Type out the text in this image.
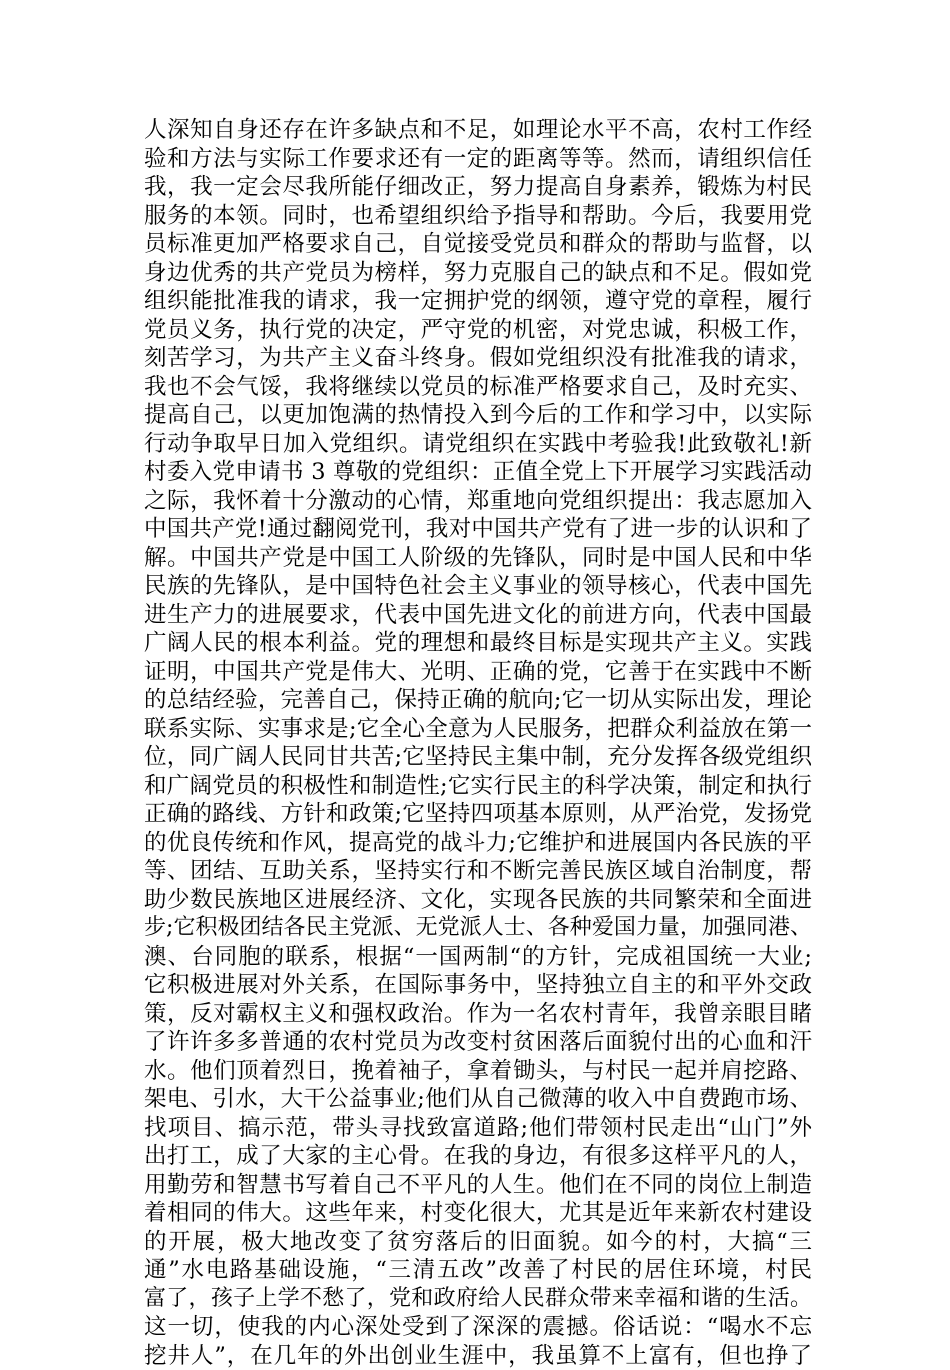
人深知自身还存在许多缺点和不足，如理论水平不高，农村工作经
验和方法与实际工作要求还有一定的距离等等。然而，请组织信任
我，我一定会尽我所能仔细改正，努力提高自身素养，锻炼为村民
服务的本领。同时，也希望组织给予指导和帮助。今后，我要用党
员标准更加严格要求自己，自觉接受党员和群众的帮助与监督，以
身边优秀的共产党员为榜样，努力克服自己的缺点和不足。假如党
组织能批准我的请求，我一定拥护党的纲领，遵守党的章程，履行
党员义务，执行党的决定，严守党的机密，对党忠诚，积极工作，
刻苦学习，为共产主义奋斗终身。假如党组织没有批准我的请求，
我也不会气馁，我将继续以党员的标准严格要求自己，及时充实、
提高自己，以更加饱满的热情投入到今后的工作和学习中，以实际
行动争取早日加入党组织。请党组织在实践中考验我!此致敬礼!新
村委入党申请书 3 尊敬的党组织：正值全党上下开展学习实践活动
之际，我怀着十分激动的心情，郑重地向党组织提出：我志愿加入
中国共产党!通过翻阅党刊，我对中国共产党有了进一步的认识和了
解。中国共产党是中国工人阶级的先锋队，同时是中国人民和中华
民族的先锋队，是中国特色社会主义事业的领导核心，代表中国先
进生产力的进展要求，代表中国先进文化的前进方向，代表中国最
广阔人民的根本利益。党的理想和最终目标是实现共产主义。实践
证明，中国共产党是伟大、光明、正确的党，它善于在实践中不断
的总结经验，完善自己，保持正确的航向;它一切从实际出发，理论
联系实际、实事求是;它全心全意为人民服务，把群众利益放在第一
位，同广阔人民同甘共苦;它坚持民主集中制，充分发挥各级党组织
和广阔党员的积极性和制造性;它实行民主的科学决策，制定和执行
正确的路线、方针和政策;它坚持四项基本原则，从严治党，发扬党
的优良传统和作风，提高党的战斗力;它维护和进展国内各民族的平
等、团结、互助关系，坚持实行和不断完善民族区域自治制度，帮
助少数民族地区进展经济、文化，实现各民族的共同繁荣和全面进
步;它积极团结各民主党派、无党派人士、各种爱国力量，加强同港、
澳、台同胞的联系，根据“一国两制“的方针，完成祖国统一大业;
它积极进展对外关系，在国际事务中，坚持独立自主的和平外交政
策，反对霸权主义和强权政治。作为一名农村青年，我曾亲眼目睹
了许许多多普通的农村党员为改变村贫困落后面貌付出的心血和汗
水。他们顶着烈日，挽着袖子，拿着锄头，与村民一起并肩挖路、
架电、引水，大干公益事业;他们从自己微薄的收入中自费跑市场、
找项目、搞示范，带头寻找致富道路;他们带领村民走出“山门”外
出打工，成了大家的主心骨。在我的身边，有很多这样平凡的人，
用勤劳和智慧书写着自己不平凡的人生。他们在不同的岗位上制造
着相同的伟大。这些年来，村变化很大，尤其是近年来新农村建设
的开展，极大地改变了贫穷落后的旧面貌。如今的村，大搞“三
通”水电路基础设施，“三清五改”改善了村民的居住环境，村民
富了，孩子上学不愁了，党和政府给人民群众带来幸福和谐的生活。
这一切，使我的内心深处受到了深深的震撼。俗话说：“喝水不忘
挖井人”，在几年的外出创业生涯中，我虽算不上富有，但也挣了
